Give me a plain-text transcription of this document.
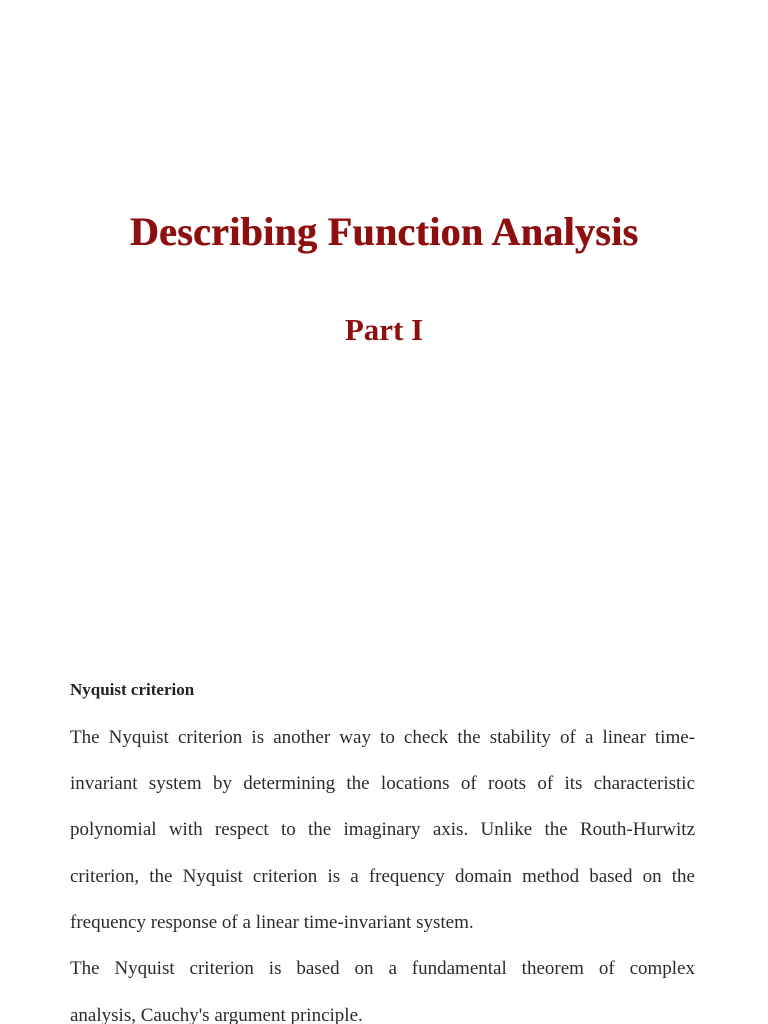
Describing Function Analysis
Part I
Nyquist criterion

The Nyquist criterion is another way to check the stability of a linear time-

invariant system by determining the locations of roots of its characteristic

polynomial with respect to the imaginary axis. Unlike the Routh-Hurwitz

criterion, the Nyquist criterion is a frequency domain method based on the

frequency response of a linear time-invariant system.

The Nyquist criterion is based on a fundamental theorem of complex

analysis, Cauchy's argument principle.
